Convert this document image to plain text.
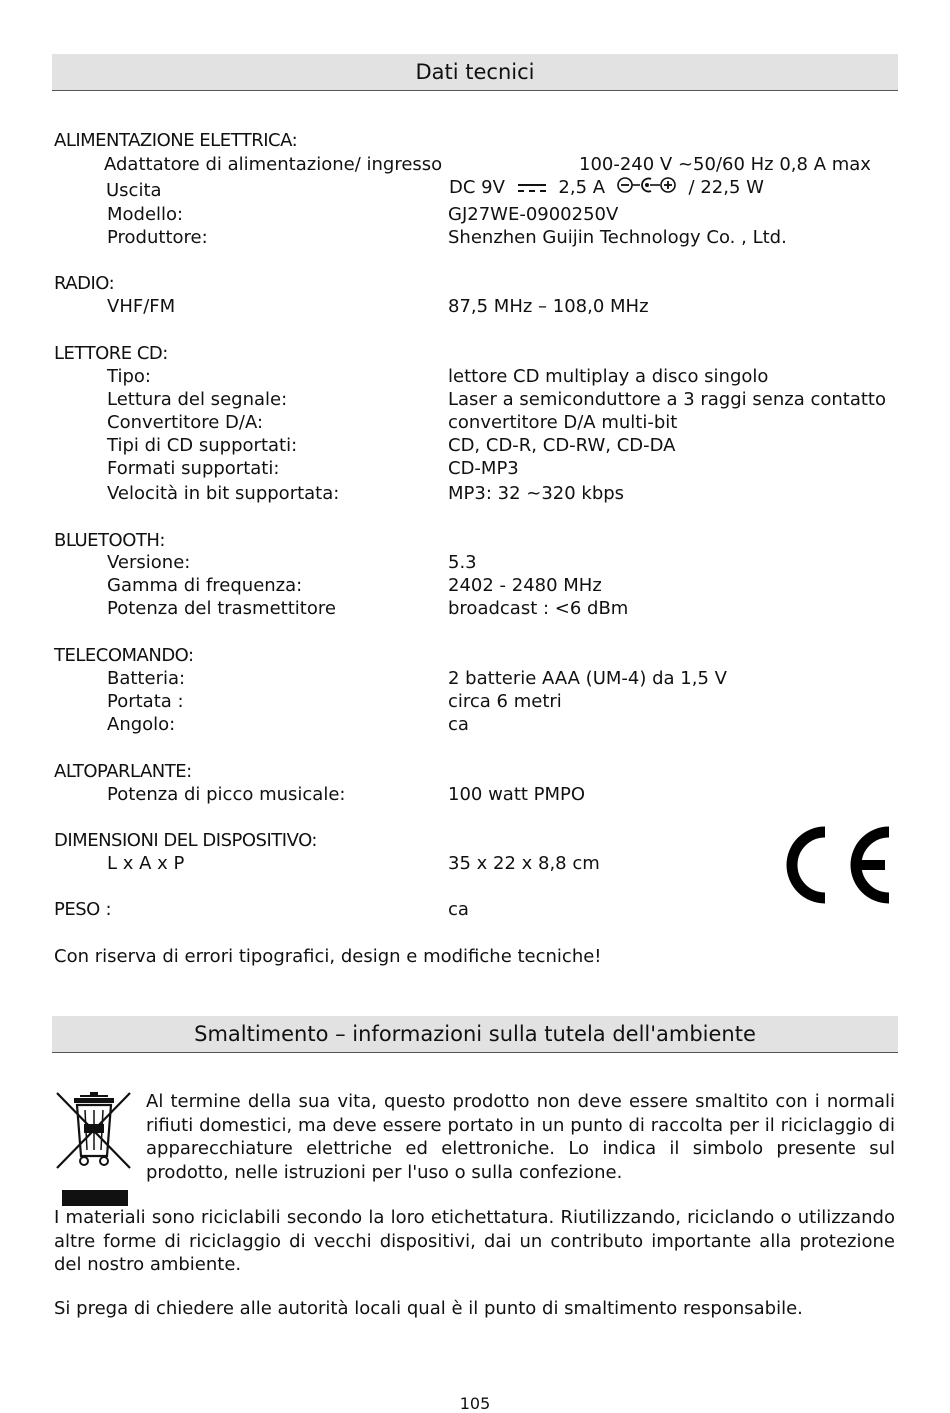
Dati tecnici
ALIMENTAZIONE ELETTRICA:
Adattatore di alimentazione/ ingresso	100-240 V ~50/60 Hz 0,8 A max
Uscita	DC 9V	2,5 A	/ 22,5 W
Modello:	GJ27WE-0900250V
Produttore:	Shenzhen Guijin Technology Co. , Ltd.
RADIO:
VHF/FM	87,5 MHz – 108,0 MHz
LETTORE CD:
Tipo:	lettore CD multiplay a disco singolo
Lettura del segnale:	Laser a semiconduttore a 3 raggi senza contatto
Convertitore D/A:	convertitore D/A multi-bit
Tipi di CD supportati:	CD, CD-R, CD-RW, CD-DA
Formati supportati:	CD-MP3
Velocità in bit supportata:	MP3: 32 ~320 kbps
BLUETOOTH:
Versione:	5.3
Gamma di frequenza:	2402 - 2480 MHz
Potenza del trasmettitore	broadcast : <6 dBm
TELECOMANDO:
Batteria:	2 batterie AAA (UM-4) da 1,5 V
Portata :	circa 6 metri
Angolo:	ca
ALTOPARLANTE:
Potenza di picco musicale:	100 watt PMPO
DIMENSIONI DEL DISPOSITIVO:
L x A x P	35 x 22 x 8,8 cm
PESO :	ca
Con riserva di errori tipografici, design e modifiche tecniche!
Smaltimento – informazioni sulla tutela dell'ambiente
Al termine della sua vita, questo prodotto non deve essere smaltito con i normali rifiuti domestici, ma deve essere portato in un punto di raccolta per il riciclaggio di apparecchiature elettriche ed elettroniche. Lo indica il simbolo presente sul prodotto, nelle istruzioni per l'uso o sulla confezione.
I materiali sono riciclabili secondo la loro etichettatura. Riutilizzando, riciclando o utilizzando altre forme di riciclaggio di vecchi dispositivi, dai un contributo importante alla protezione del nostro ambiente.
Si prega di chiedere alle autorità locali qual è il punto di smaltimento responsabile.
105
